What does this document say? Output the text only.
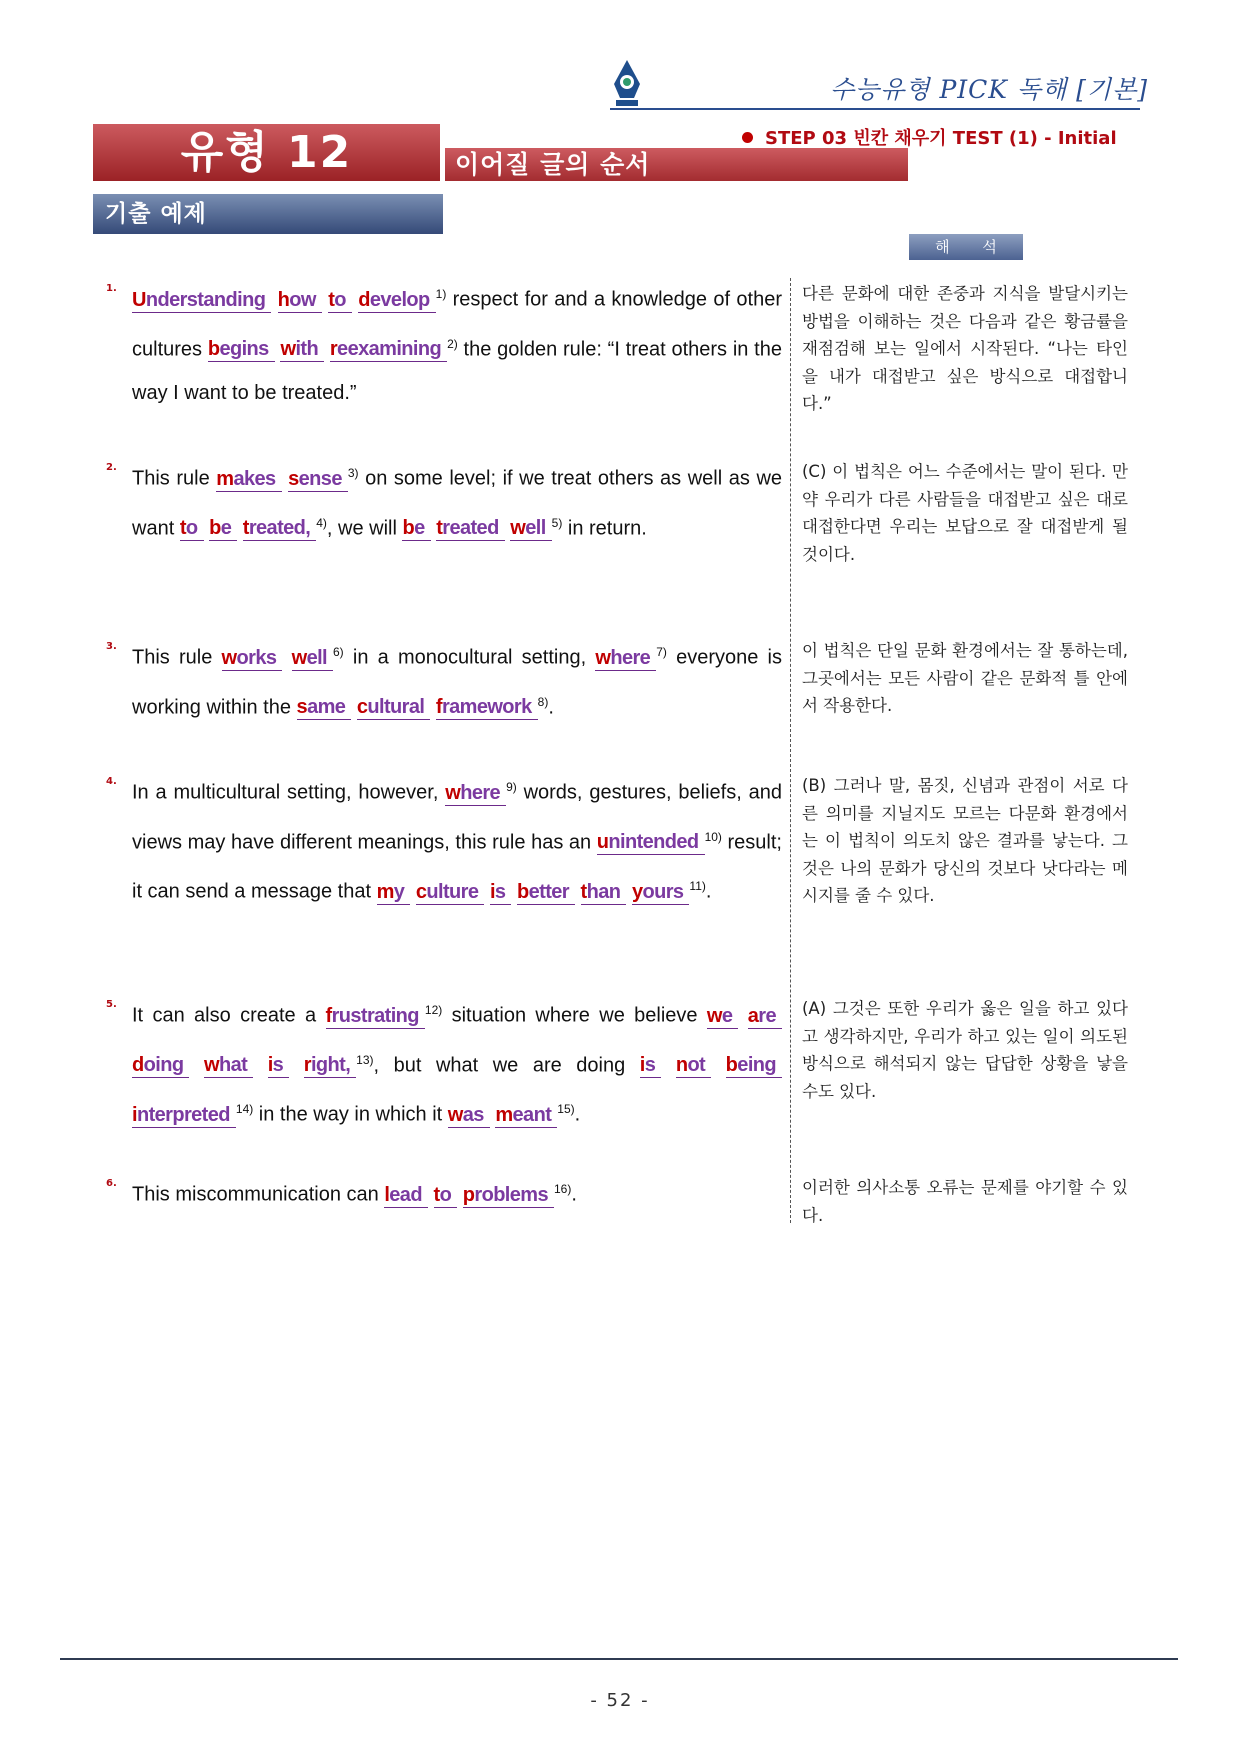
수능유형 PICK 독해 [기본]
유형 12	이어질 글의 순서
STEP 03 빈칸 채우기 TEST (1) - Initial
기출 예제
해 석
1.

Understanding how to develop $^{1)}$ respect for and a knowledge of other cultures begins with reexamining $^{2)}$ the golden rule: “I treat others in the way I want to be treated.”

다른 문화에 대한 존중과 지식을 발달시키는 방법을 이해하는 것은 다음과 같은 황금률을 재점검해 보는 일에서 시작된다. “나는 타인을 내가 대접받고 싶은 방식으로 대접합니다.”

2.

This rule makes sense $^{3)}$ on some level; if we treat others as well as we want to be treated, $^{4)}$, we will be treated well $^{5)}$ in return.

(C) 이 법칙은 어느 수준에서는 말이 된다. 만약 우리가 다른 사람들을 대접받고 싶은 대로 대접한다면 우리는 보답으로 잘 대접받게 될 것이다.

3.

This rule works well $^{6)}$ in a monocultural setting, where $^{7)}$ everyone is working within the same cultural framework $^{8)}$.

이 법칙은 단일 문화 환경에서는 잘 통하는데, 그곳에서는 모든 사람이 같은 문화적 틀 안에서 작용한다.

4.

In a multicultural setting, however, where $^{9)}$ words, gestures, beliefs, and views may have different meanings, this rule has an unintended $^{10)}$ result; it can send a message that my culture is better than yours $^{11)}$.

(B) 그러나 말, 몸짓, 신념과 관점이 서로 다른 의미를 지닐지도 모르는 다문화 환경에서는 이 법칙이 의도치 않은 결과를 낳는다. 그것은 나의 문화가 당신의 것보다 낫다라는 메시지를 줄 수 있다.

5.

It can also create a frustrating $^{12)}$ situation where we believe we are doing what is right, $^{13)}$, but what we are doing is not being interpreted $^{14)}$ in the way in which it was meant $^{15)}$.

(A) 그것은 또한 우리가 옳은 일을 하고 있다고 생각하지만, 우리가 하고 있는 일이 의도된 방식으로 해석되지 않는 답답한 상황을 낳을 수도 있다.

6.

This miscommunication can lead to problems $^{16)}$.	이러한 의사소통 오류는 문제를 야기할 수 있다.

- 52 -
